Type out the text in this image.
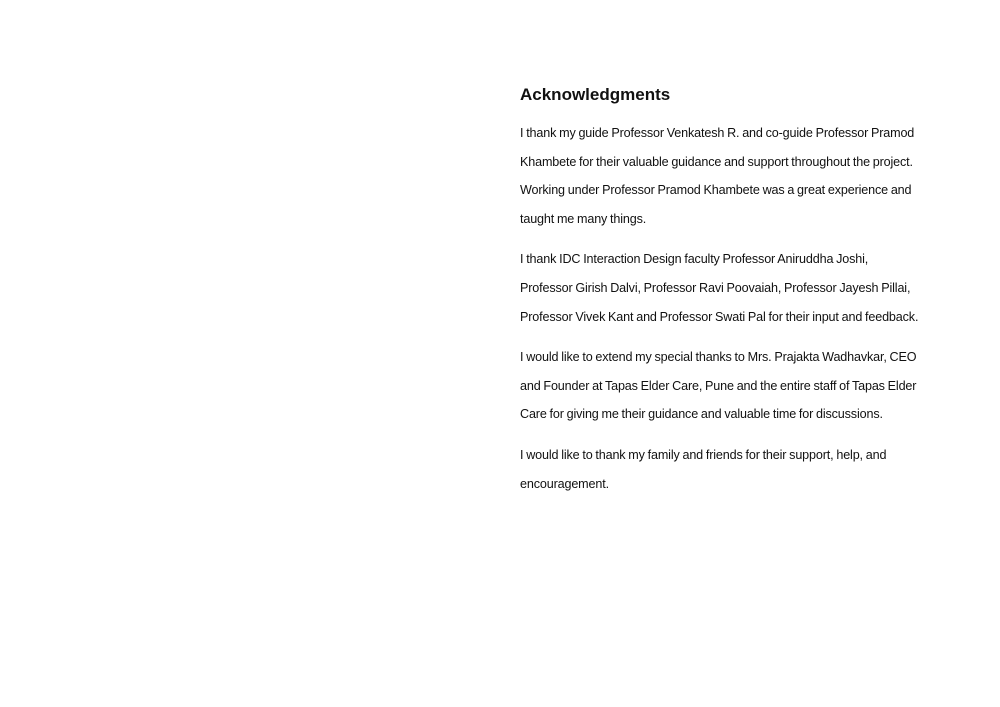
Acknowledgments

I thank my guide Professor Venkatesh R. and co-guide Professor Pramod Khambete for their valuable guidance and support throughout the project. Working under Professor Pramod Khambete was a great experience and taught me many things.

I thank IDC Interaction Design faculty Professor Aniruddha Joshi, Professor Girish Dalvi, Professor Ravi Poovaiah, Professor Jayesh Pillai, Professor Vivek Kant and Professor Swati Pal for their input and feedback.

I would like to extend my special thanks to Mrs. Prajakta Wadhavkar, CEO and Founder at Tapas Elder Care, Pune and the entire staff of Tapas Elder Care for giving me their guidance and valuable time for discussions.

I would like to thank my family and friends for their support, help, and encouragement.
